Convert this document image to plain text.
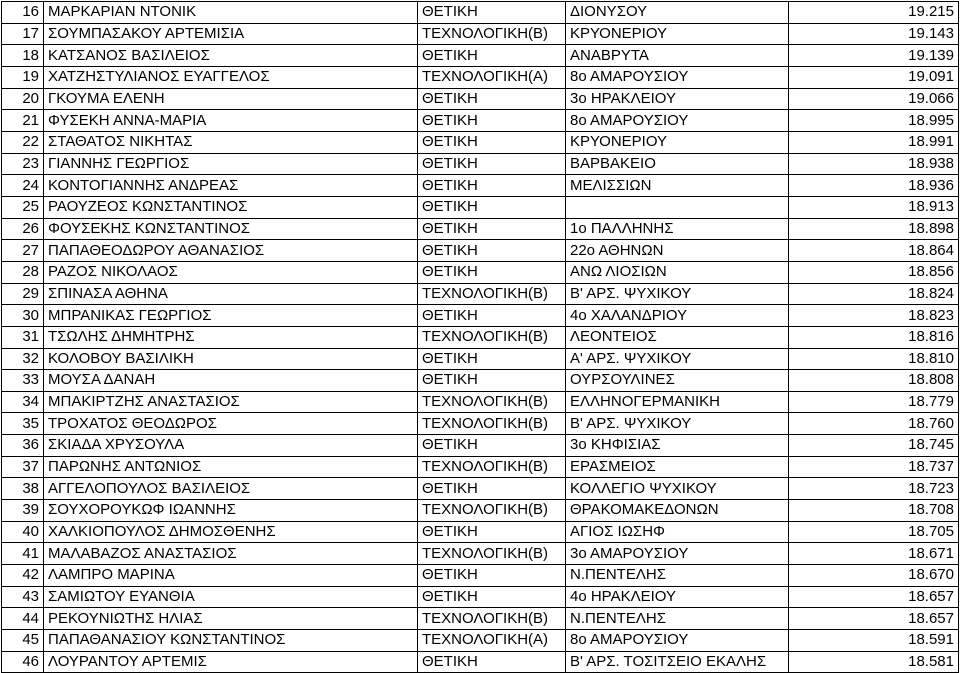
16	ΜΑΡΚΑΡΙΑΝ ΝΤΟΝΙΚ	ΘΕΤΙΚΗ	ΔΙΟΝΥΣΟΥ	19.215
17	ΣΟΥΜΠΑΣΑΚΟΥ ΑΡΤΕΜΙΣΙΑ	ΤΕΧΝΟΛΟΓΙΚΗ(Β)	ΚΡΥΟΝΕΡΙΟΥ	19.143
18	ΚΑΤΣΑΝΟΣ ΒΑΣΙΛΕΙΟΣ	ΘΕΤΙΚΗ	ΑΝΑΒΡΥΤΑ	19.139
19	ΧΑΤΖΗΣΤΥΛΙΑΝΟΣ ΕΥΑΓΓΕΛΟΣ	ΤΕΧΝΟΛΟΓΙΚΗ(Α)	8ο ΑΜΑΡΟΥΣΙΟΥ	19.091
20	ΓΚΟΥΜΑ ΕΛΕΝΗ	ΘΕΤΙΚΗ	3ο ΗΡΑΚΛΕΙΟΥ	19.066
21	ΦΥΣΕΚΗ ΑΝΝΑ-ΜΑΡΙΑ	ΘΕΤΙΚΗ	8ο ΑΜΑΡΟΥΣΙΟΥ	18.995
22	ΣΤΑΘΑΤΟΣ ΝΙΚΗΤΑΣ	ΘΕΤΙΚΗ	ΚΡΥΟΝΕΡΙΟΥ	18.991
23	ΓΙΑΝΝΗΣ ΓΕΩΡΓΙΟΣ	ΘΕΤΙΚΗ	ΒΑΡΒΑΚΕΙΟ	18.938
24	ΚΟΝΤΟΓΙΑΝΝΗΣ ΑΝΔΡΕΑΣ	ΘΕΤΙΚΗ	ΜΕΛΙΣΣΙΩΝ	18.936
25	ΡΑΟΥΖΕΟΣ ΚΩΝΣΤΑΝΤΙΝΟΣ	ΘΕΤΙΚΗ		18.913
26	ΦΟΥΣΕΚΗΣ ΚΩΝΣΤΑΝΤΙΝΟΣ	ΘΕΤΙΚΗ	1ο ΠΑΛΛΗΝΗΣ	18.898
27	ΠΑΠΑΘΕΟΔΩΡΟΥ ΑΘΑΝΑΣΙΟΣ	ΘΕΤΙΚΗ	22ο ΑΘΗΝΩΝ	18.864
28	ΡΑΖΟΣ ΝΙΚΟΛΑΟΣ	ΘΕΤΙΚΗ	ΑΝΩ ΛΙΟΣΙΩΝ	18.856
29	ΣΠΙΝΑΣΑ ΑΘΗΝΑ	ΤΕΧΝΟΛΟΓΙΚΗ(Β)	Β' ΑΡΣ. ΨΥΧΙΚΟΥ	18.824
30	ΜΠΡΑΝΙΚΑΣ ΓΕΩΡΓΙΟΣ	ΘΕΤΙΚΗ	4ο ΧΑΛΑΝΔΡΙΟΥ	18.823
31	ΤΣΩΛΗΣ ΔΗΜΗΤΡΗΣ	ΤΕΧΝΟΛΟΓΙΚΗ(Β)	ΛΕΟΝΤΕΙΟΣ	18.816
32	ΚΟΛΟΒΟΥ ΒΑΣΙΛΙΚΗ	ΘΕΤΙΚΗ	Α' ΑΡΣ. ΨΥΧΙΚΟΥ	18.810
33	ΜΟΥΣΑ ΔΑΝΑΗ	ΘΕΤΙΚΗ	ΟΥΡΣΟΥΛΙΝΕΣ	18.808
34	ΜΠΑΚΙΡΤΖΗΣ ΑΝΑΣΤΑΣΙΟΣ	ΤΕΧΝΟΛΟΓΙΚΗ(Β)	ΕΛΛΗΝΟΓΕΡΜΑΝΙΚΗ	18.779
35	ΤΡΟΧΑΤΟΣ ΘΕΟΔΩΡΟΣ	ΤΕΧΝΟΛΟΓΙΚΗ(Β)	Β' ΑΡΣ. ΨΥΧΙΚΟΥ	18.760
36	ΣΚΙΑΔΑ ΧΡΥΣΟΥΛΑ	ΘΕΤΙΚΗ	3ο ΚΗΦΙΣΙΑΣ	18.745
37	ΠΑΡΩΝΗΣ ΑΝΤΩΝΙΟΣ	ΤΕΧΝΟΛΟΓΙΚΗ(Β)	ΕΡΑΣΜΕΙΟΣ	18.737
38	ΑΓΓΕΛΟΠΟΥΛΟΣ ΒΑΣΙΛΕΙΟΣ	ΘΕΤΙΚΗ	ΚΟΛΛΕΓΙΟ ΨΥΧΙΚΟΥ	18.723
39	ΣΟΥΧΟΡΟΥΚΩΦ ΙΩΑΝΝΗΣ	ΤΕΧΝΟΛΟΓΙΚΗ(Β)	ΘΡΑΚΟΜΑΚΕΔΟΝΩΝ	18.708
40	ΧΑΛΚΙΟΠΟΥΛΟΣ ΔΗΜΟΣΘΕΝΗΣ	ΘΕΤΙΚΗ	ΑΓΙΟΣ ΙΩΣΗΦ	18.705
41	ΜΑΛΑΒΑΖΟΣ ΑΝΑΣΤΑΣΙΟΣ	ΤΕΧΝΟΛΟΓΙΚΗ(Β)	3ο ΑΜΑΡΟΥΣΙΟΥ	18.671
42	ΛΑΜΠΡΟ ΜΑΡΙΝΑ	ΘΕΤΙΚΗ	Ν.ΠΕΝΤΕΛΗΣ	18.670
43	ΣΑΜΙΩΤΟΥ ΕΥΑΝΘΙΑ	ΘΕΤΙΚΗ	4ο ΗΡΑΚΛΕΙΟΥ	18.657
44	ΡΕΚΟΥΝΙΩΤΗΣ ΗΛΙΑΣ	ΤΕΧΝΟΛΟΓΙΚΗ(Β)	Ν.ΠΕΝΤΕΛΗΣ	18.657
45	ΠΑΠΑΘΑΝΑΣΙΟΥ ΚΩΝΣΤΑΝΤΙΝΟΣ	ΤΕΧΝΟΛΟΓΙΚΗ(Α)	8ο ΑΜΑΡΟΥΣΙΟΥ	18.591
46	ΛΟΥΡΑΝΤΟΥ ΑΡΤΕΜΙΣ	ΘΕΤΙΚΗ	Β' ΑΡΣ. ΤΟΣΙΤΣΕΙΟ ΕΚΑΛΗΣ	18.581
